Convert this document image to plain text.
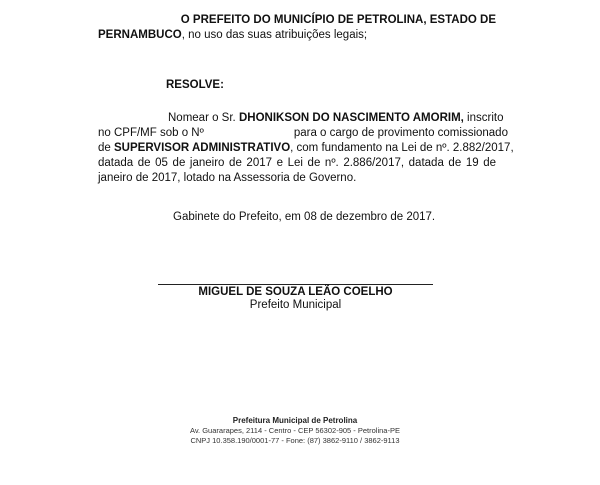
O PREFEITO DO MUNICÍPIO DE PETROLINA, ESTADO DE
PERNAMBUCO, no uso das suas atribuições legais;
RESOLVE:
Nomear o Sr. DHONIKSON DO NASCIMENTO AMORIM, inscrito
no CPF/MF sob o Nº	para o cargo de provimento comissionado
de SUPERVISOR ADMINISTRATIVO, com fundamento na Lei de nº. 2.882/2017,
datada de 05 de janeiro de 2017 e Lei de nº. 2.886/2017, datada de 19 de
janeiro de 2017, lotado na Assessoria de Governo.
Gabinete do Prefeito, em 08 de dezembro de 2017.
MIGUEL DE SOUZA LEÃO COELHO
Prefeito Municipal
Prefeitura Municipal de Petrolina
Av. Guararapes, 2114 - Centro - CEP 56302-905 - Petrolina-PE
CNPJ 10.358.190/0001-77 - Fone: (87) 3862-9110 / 3862-9113
